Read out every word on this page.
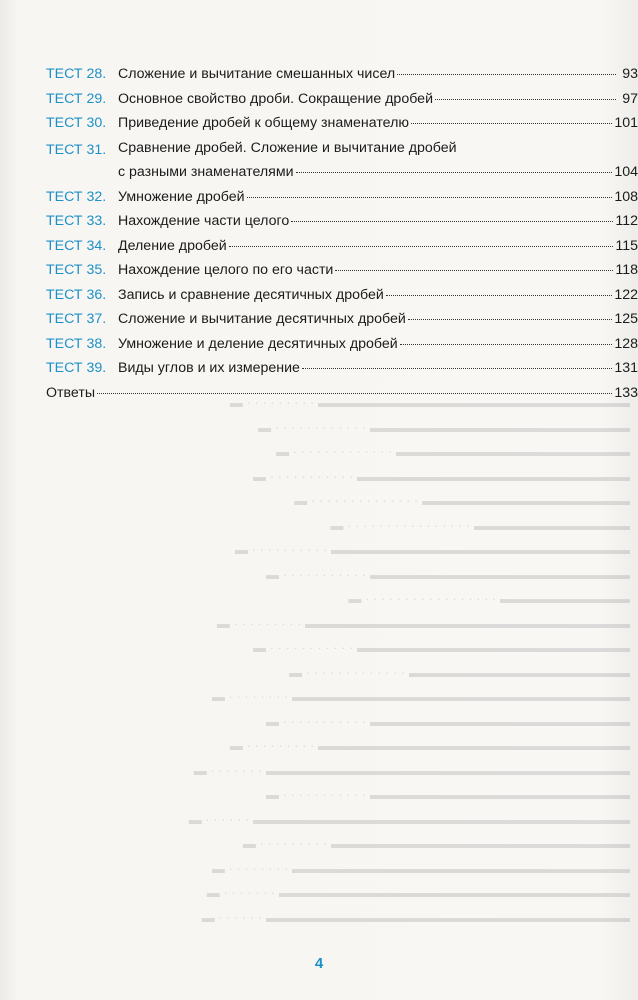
ТЕСТ 28. Сложение и вычитание смешанных чисел	93
ТЕСТ 29. Основное свойство дроби. Сокращение дробей	97
ТЕСТ 30. Приведение дробей к общему знаменателю	101
ТЕСТ 31. Сравнение дробей. Сложение и вычитание дробей
с разными знаменателями	104
ТЕСТ 32. Умножение дробей	108
ТЕСТ 33. Нахождение части целого	112
ТЕСТ 34. Деление дробей	115
ТЕСТ 35. Нахождение целого по его части	118
ТЕСТ 36. Запись и сравнение десятичных дробей	122
ТЕСТ 37. Сложение и вычитание десятичных дробей	125
ТЕСТ 38. Умножение и деление десятичных дробей	128
ТЕСТ 39. Виды углов и их измерение	131
Ответы	133
▬▬▬▬▬▬▬▬▬▬▬▬▬▬▬▬▬▬▬▬▬▬▬▬ · · · · · · · · · ▬
▬▬▬▬▬▬▬▬▬▬▬▬▬▬▬▬▬▬▬▬ · · · · · · · · · · · · ▬
▬▬▬▬▬▬▬▬▬▬▬▬▬▬▬▬▬▬ · · · · · · · · · · · · · ▬
▬▬▬▬▬▬▬▬▬▬▬▬▬▬▬▬▬▬▬▬▬ · · · · · · · · · · · ▬
▬▬▬▬▬▬▬▬▬▬▬▬▬▬▬▬ · · · · · · · · · · · · · · ▬
▬▬▬▬▬▬▬▬▬▬▬▬ · · · · · · · · · · · · · · · · ▬
▬▬▬▬▬▬▬▬▬▬▬▬▬▬▬▬▬▬▬▬▬▬▬ · · · · · · · · · · ▬
▬▬▬▬▬▬▬▬▬▬▬▬▬▬▬▬▬▬▬▬ · · · · · · · · · · · ▬
▬▬▬▬▬▬▬▬▬▬ · · · · · · · · · · · · · · · · · ▬
▬▬▬▬▬▬▬▬▬▬▬▬▬▬▬▬▬▬▬▬▬▬▬▬▬ · · · · · · · · · ▬
▬▬▬▬▬▬▬▬▬▬▬▬▬▬▬▬▬▬▬▬▬ · · · · · · · · · · · ▬
▬▬▬▬▬▬▬▬▬▬▬▬▬▬▬▬▬ · · · · · · · · · · · · · ▬
▬▬▬▬▬▬▬▬▬▬▬▬▬▬▬▬▬▬▬▬▬▬▬▬▬▬ · · · · · · · · ▬
▬▬▬▬▬▬▬▬▬▬▬▬▬▬▬▬▬▬▬▬ · · · · · · · · · · · ▬
▬▬▬▬▬▬▬▬▬▬▬▬▬▬▬▬▬▬▬▬▬▬▬▬ · · · · · · · · · ▬
▬▬▬▬▬▬▬▬▬▬▬▬▬▬▬▬▬▬▬▬▬▬▬▬▬▬▬▬ · · · · · · · ▬
▬▬▬▬▬▬▬▬▬▬▬▬▬▬▬▬▬▬▬▬ · · · · · · · · · · · ▬
▬▬▬▬▬▬▬▬▬▬▬▬▬▬▬▬▬▬▬▬▬▬▬▬▬▬▬▬▬ · · · · · · ▬
▬▬▬▬▬▬▬▬▬▬▬▬▬▬▬▬▬▬▬▬▬▬▬ · · · · · · · · · ▬
▬▬▬▬▬▬▬▬▬▬▬▬▬▬▬▬▬▬▬▬▬▬▬▬▬▬ · · · · · · · · ▬
▬▬▬▬▬▬▬▬▬▬▬▬▬▬▬▬▬▬▬▬▬▬▬▬▬▬▬ · · · · · · · ▬
▬▬▬▬▬▬▬▬▬▬▬▬▬▬▬▬▬▬▬▬▬▬▬▬▬▬▬▬ · · · · · · ▬
4
